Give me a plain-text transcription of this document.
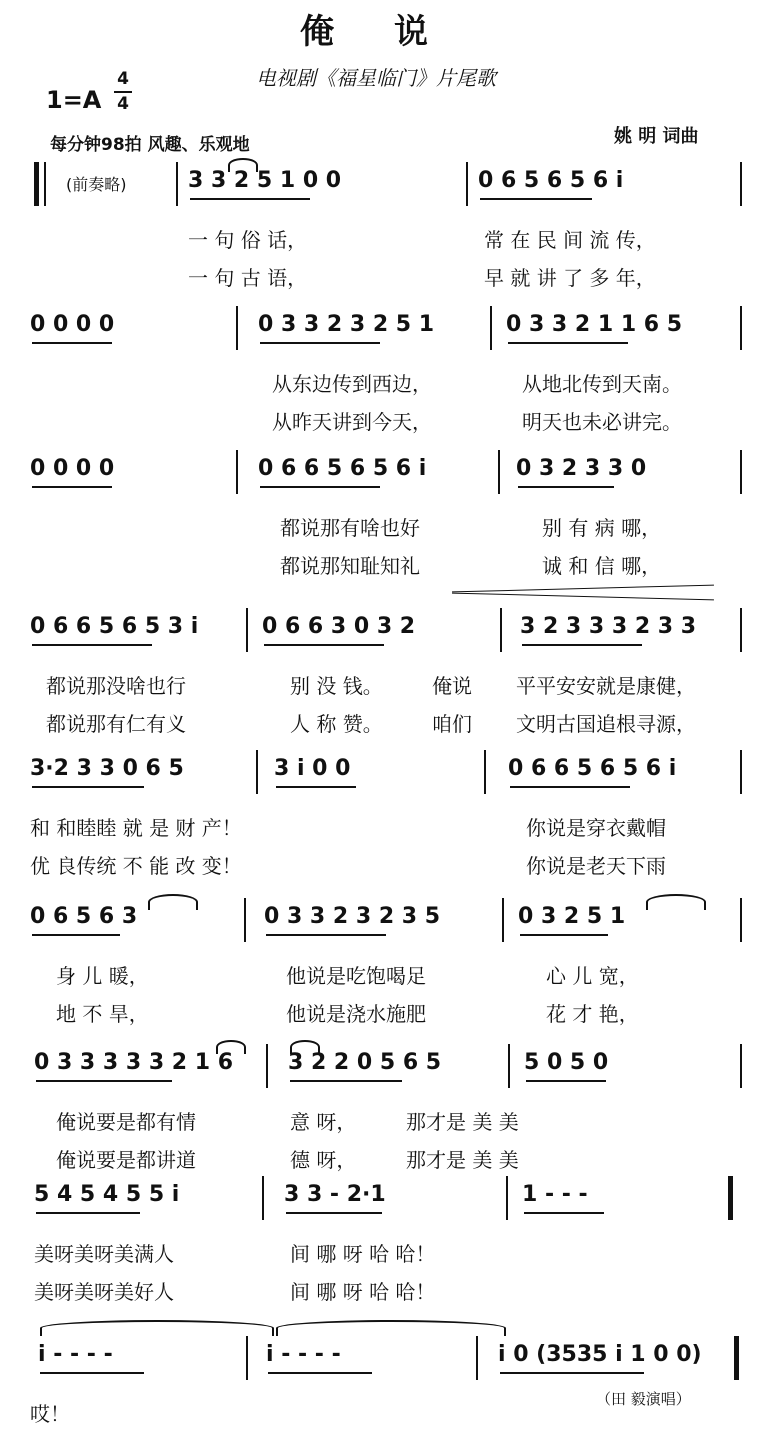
俺说
电视剧《福星临门》片尾歌
1=A
4
4
每分钟98拍 风趣、乐观地	姚 明 词曲
（田 毅演唱）
(前奏略)	3 3 2 5 1 0 0	0 6 5 6 5 6 i
一 句 俗 话，	常 在 民 间 流 传，
一 句 古 语，	早 就 讲 了 多 年，
0 0 0 0	0 3 3 2 3 2 5 1	0 3 3 2 1 1 6 5
从东边传到西边，	从地北传到天南。
从昨天讲到今天，	明天也未必讲完。
0 0 0 0	0 6 6 5 6 5 6 i	0 3 2 3 3 0
都说那有啥也好	别 有 病 哪，
都说那知耻知礼	诚 和 信 哪，
0 6 6 5 6 5 3 i	0 6 6 3 0 3 2	3 2 3 3 3 2 3 3
都说那没啥也行	别 没 钱。 俺说 平平安安就是康健，
都说那有仁有义	人 称 赞。 咱们 文明古国追根寻源，
3·2 3 3 0 6 5	3 i 0 0	0 6 6 5 6 5 6 i
和 和睦睦 就 是 财 产！	你说是穿衣戴帽
优 良传统 不 能 改 变！	你说是老天下雨
0 6 5 6 3	0 3 3 2 3 2 3 5	0 3 2 5 1
身 儿 暖，	他说是吃饱喝足	心 儿 宽，
地 不 旱，	他说是浇水施肥	花 才 艳，
0 3 3 3 3 3 2 1 6 3 2 2 0 5 6 5	5 0 5 0
俺说要是都有情	意 呀， 那才是 美 美
俺说要是都讲道	德 呀， 那才是 美 美
5 4 5 4 5 5 i	3 3 - 2·1	1 - - -
美呀美呀美满人	间 哪 呀 哈 哈！
美呀美呀美好人	间 哪 呀 哈 哈！
i - - - -	i - - - -	i 0 (3535 i 1 0 0)
哎！
